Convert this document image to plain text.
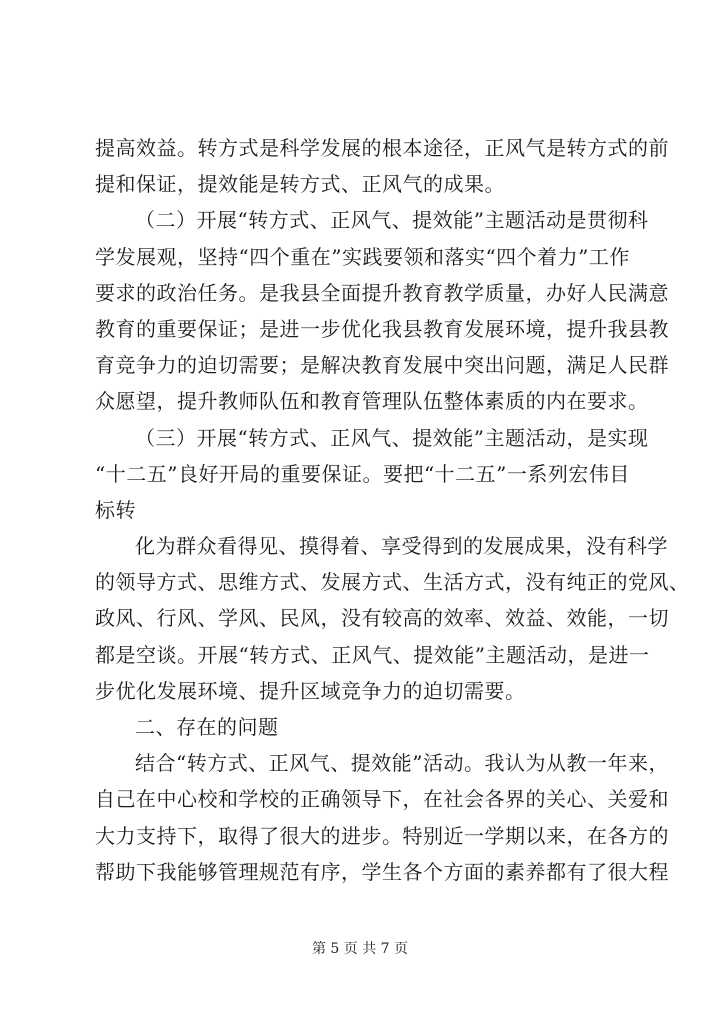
提高效益。转方式是科学发展的根本途径，正风气是转方式的前
提和保证，提效能是转方式、正风气的成果。
（二）开展“转方式、正风气、提效能”主题活动是贯彻科
学发展观，坚持“四个重在”实践要领和落实“四个着力”工作
要求的政治任务。是我县全面提升教育教学质量，办好人民满意
教育的重要保证；是进一步优化我县教育发展环境，提升我县教
育竞争力的迫切需要；是解决教育发展中突出问题，满足人民群
众愿望，提升教师队伍和教育管理队伍整体素质的内在要求。
（三）开展“转方式、正风气、提效能”主题活动，是实现
“十二五”良好开局的重要保证。要把“十二五”一系列宏伟目
标转
化为群众看得见、摸得着、享受得到的发展成果，没有科学
的领导方式、思维方式、发展方式、生活方式，没有纯正的党风、
政风、行风、学风、民风，没有较高的效率、效益、效能，一切
都是空谈。开展“转方式、正风气、提效能”主题活动，是进一
步优化发展环境、提升区域竞争力的迫切需要。
二、存在的问题
结合“转方式、正风气、提效能”活动。我认为从教一年来，
自己在中心校和学校的正确领导下，在社会各界的关心、关爱和
大力支持下，取得了很大的进步。特别近一学期以来，在各方的
帮助下我能够管理规范有序，学生各个方面的素养都有了很大程
第 5 页 共 7 页
